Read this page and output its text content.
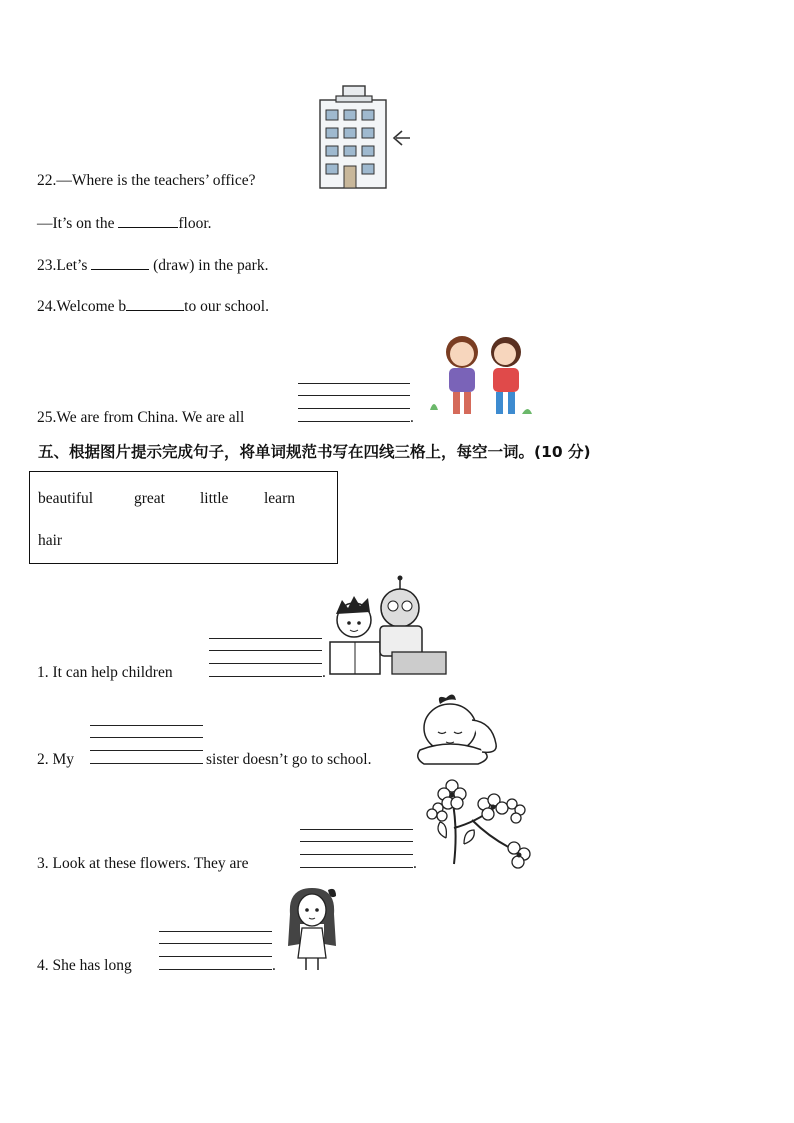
22.—Where is the teachers’ office?
—It’s on the	floor.
23.Let’s	(draw) in the park.
24.Welcome b	to our school.
25.We are from China. We are all	.
五、根据图片提示完成句子，将单词规范书写在四线三格上，每空一词。(10 分)
beautiful	great little learn
hair
1. It can help children	.
2. My	sister doesn’t go to school.
3. Look at these flowers. They are	.
4. She has long	.
